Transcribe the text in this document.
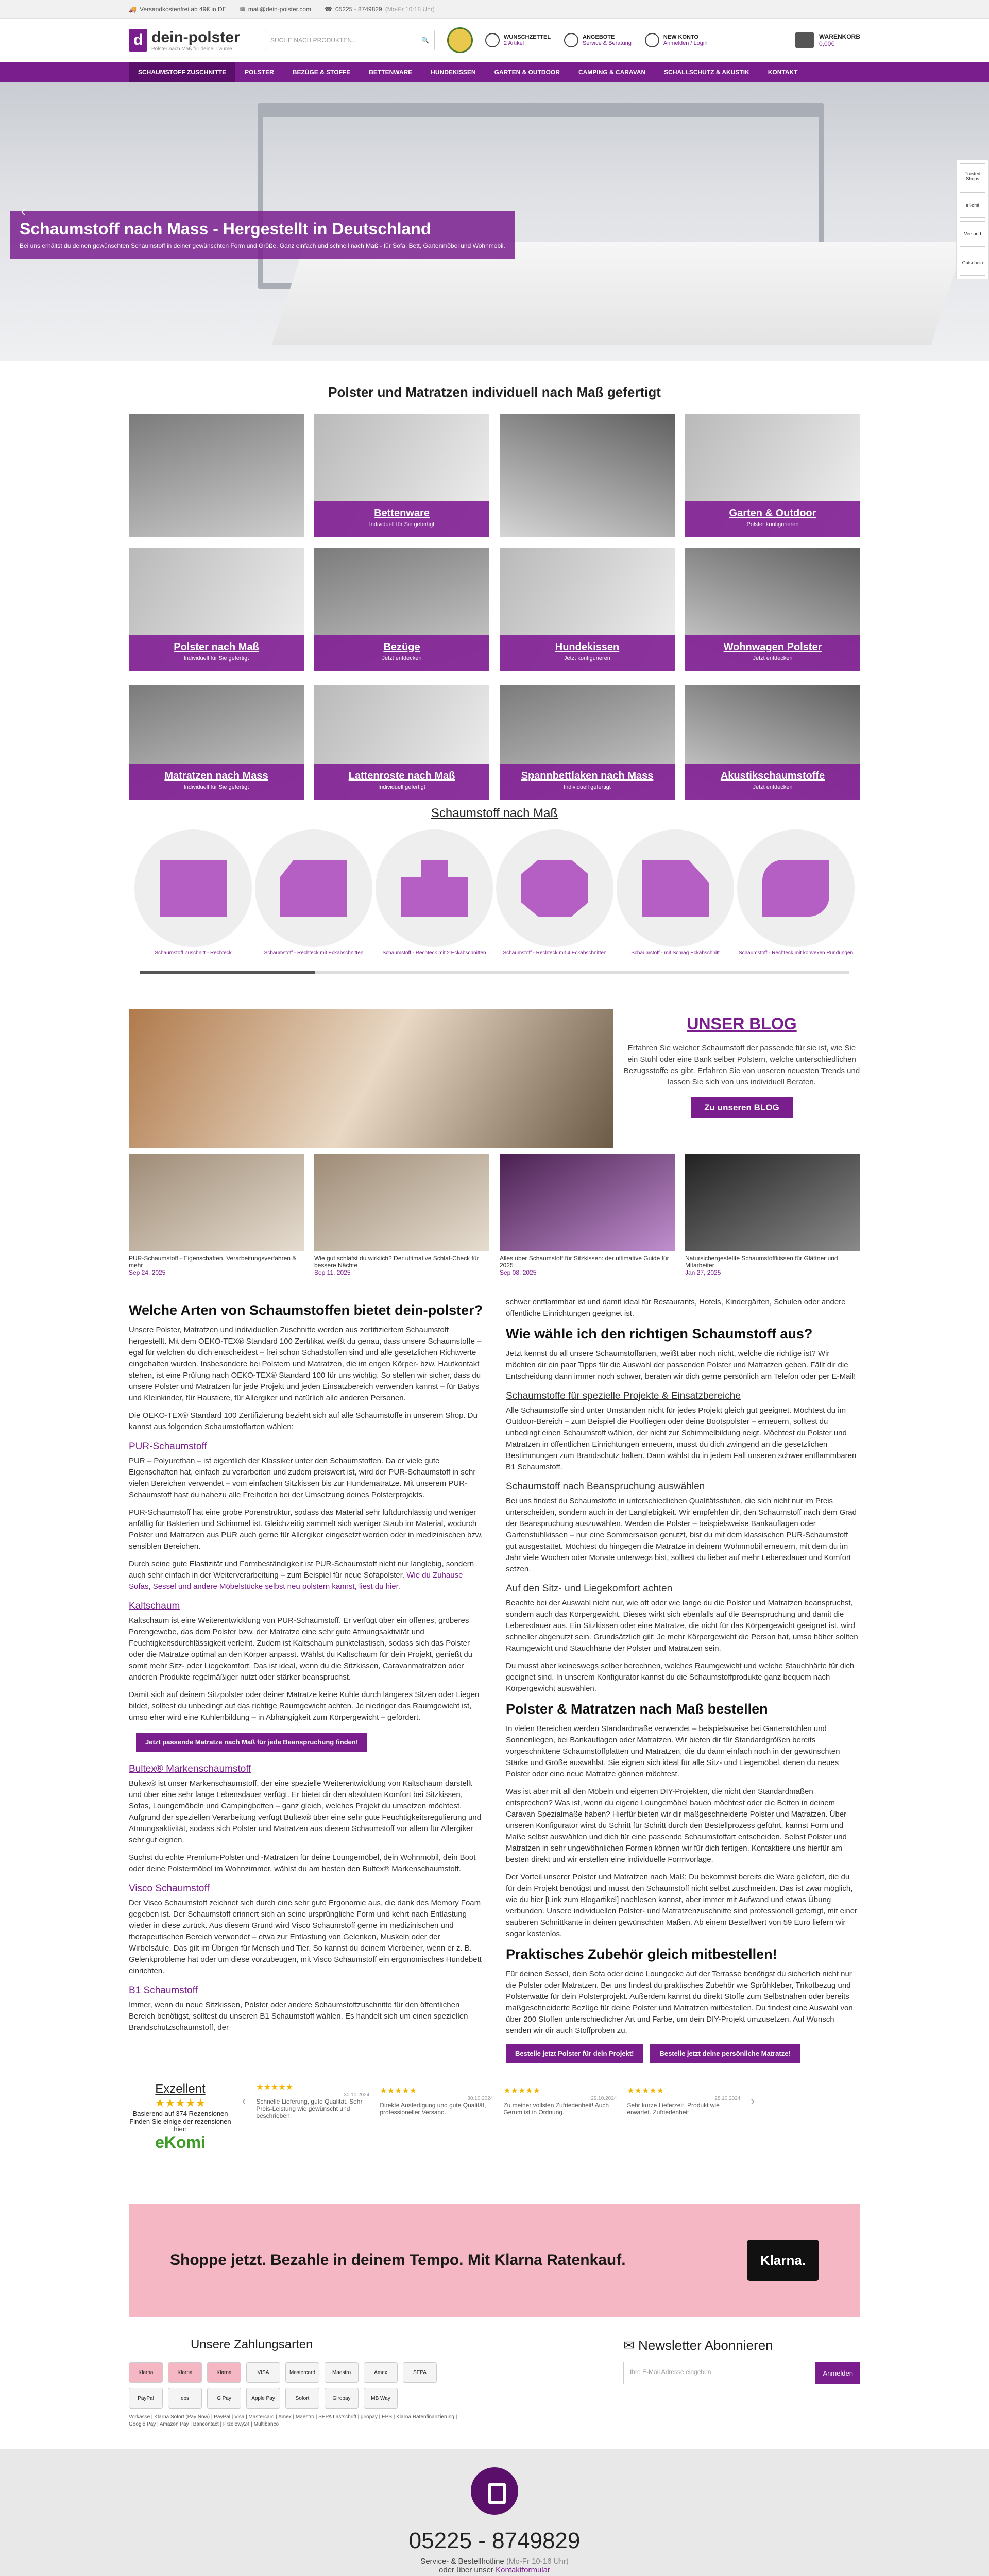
🚚 Versandkostenfrei ab 49€ in DE ✉ mail@dein-polster.com ☎ 05225 - 8749829 (Mo-Fr 10:18 Uhr)
d dein-polster
Polster nach Maß für deine Träume
SUCHE NACH PRODUKTEN...	🔍	WUNSCHZETTEL
2 Artikel
ANGEBOTE
Service & Beratung
NEW KONTO
Anmelden / Login
WARENKORB
0,00€
SCHAUMSTOFF ZUSCHNITTE	POLSTER	BEZÜGE & STOFFE	BETTENWARE	HUNDEKISSEN	GARTEN & OUTDOOR	CAMPING & CARAVAN	SCHALLSCHUTZ & AKUSTIK	KONTAKT
Schaumstoff nach Mass - Hergestellt in Deutschland

Bei uns erhältst du deinen gewünschten Schaumstoff in deiner gewünschten Form und Größe. Ganz einfach und schnell nach Maß - für Sofa, Bett, Gartenmöbel und Wohnmobil.

‹
Trusted Shops
eKomi
Versand
Gutschein
Polster und Matratzen individuell nach Maß gefertigt
Bettenware
Individuell für Sie gefertigt
Garten & Outdoor
Polster konfigurieren
Polster nach Maß
Individuell für Sie gefertigt
Bezüge
Jetzt entdecken
Hundekissen
Jetzt konfigurieren
Wohnwagen Polster
Jetzt entdecken
Matratzen nach Mass
Individuell für Sie gefertigt
Lattenroste nach Maß
Individuell gefertigt
Spannbettlaken nach Mass
Individuell gefertigt
Akustikschaumstoffe
Jetzt entdecken
Schaumstoff nach Maß
Schaumstoff Zuschnitt - Rechteck	Schaumstoff - Rechteck mit Eckabschnitten	Schaumstoff - Rechteck mit 2 Eckabschnitten	Schaumstoff - Rechteck mit 4 Eckabschnitten	Schaumstoff - mit Schräg Eckabschnitt	Schaumstoff - Rechteck mit konvexen Rundungen
UNSER BLOG

Erfahren Sie welcher Schaumstoff der passende für sie ist, wie Sie ein Stuhl oder eine Bank selber Polstern, welche unterschiedlichen Bezugsstoffe es gibt. Erfahren Sie von unseren neuesten Trends und lassen Sie sich von uns individuell Beraten.

Zu unseren BLOG
PUR-Schaumstoff - Eigenschaften, Verarbeitungsverfahren & mehr
Sep 24, 2025
Wie gut schläfst du wirklich? Der ultimative Schlaf-Check für bessere Nächte
Sep 11, 2025
Alles über Schaumstoff für Sitzkissen: der ultimative Guide für 2025
Sep 08, 2025
Natursichergestellte Schaumstoffkissen für Glättner und Mitarbeiter
Jan 27, 2025
Welche Arten von Schaumstoffen bietet dein-polster?

Unsere Polster, Matratzen und individuellen Zuschnitte werden aus zertifiziertem Schaumstoff hergestellt. Mit dem OEKO-TEX® Standard 100 Zertifikat weißt du genau, dass unsere Schaumstoffe – egal für welchen du dich entscheidest – frei schon Schadstoffen sind und alle gesetzlichen Richtwerte eingehalten wurden. Insbesondere bei Polstern und Matratzen, die im engen Körper- bzw. Hautkontakt stehen, ist eine Prüfung nach OEKO-TEX® Standard 100 für uns wichtig. So stellen wir sicher, dass du unsere Polster und Matratzen für jede Projekt und jeden Einsatzbereich verwenden kannst – für Babys und Kleinkinder, für Haustiere, für Allergiker und natürlich alle anderen Personen.

Die OEKO-TEX® Standard 100 Zertifizierung bezieht sich auf alle Schaumstoffe in unserem Shop. Du kannst aus folgenden Schaumstoffarten wählen:

PUR-Schaumstoff

PUR – Polyurethan – ist eigentlich der Klassiker unter den Schaumstoffen. Da er viele gute Eigenschaften hat, einfach zu verarbeiten und zudem preiswert ist, wird der PUR-Schaumstoff in sehr vielen Bereichen verwendet – vom einfachen Sitzkissen bis zur Hundematratze. Mit unserem PUR-Schaumstoff hast du nahezu alle Freiheiten bei der Umsetzung deines Polsterprojekts.

PUR-Schaumstoff hat eine grobe Porenstruktur, sodass das Material sehr luftdurchlässig und weniger anfällig für Bakterien und Schimmel ist. Gleichzeitig sammelt sich weniger Staub im Material, wodurch Polster und Matratzen aus PUR auch gerne für Allergiker eingesetzt werden oder in medizinischen bzw. sensiblen Bereichen.

Durch seine gute Elastizität und Formbeständigkeit ist PUR-Schaumstoff nicht nur langlebig, sondern auch sehr einfach in der Weiterverarbeitung – zum Beispiel für neue Sofapolster. Wie du Zuhause Sofas, Sessel und andere Möbelstücke selbst neu polstern kannst, liest du hier.

Kaltschaum

Kaltschaum ist eine Weiterentwicklung von PUR-Schaumstoff. Er verfügt über ein offenes, gröberes Porengewebe, das dem Polster bzw. der Matratze eine sehr gute Atmungsaktivität und Feuchtigkeitsdurchlässigkeit verleiht. Zudem ist Kaltschaum punktelastisch, sodass sich das Polster oder die Matratze optimal an den Körper anpasst. Wählst du Kaltschaum für dein Projekt, genießt du somit mehr Sitz- oder Liegekomfort. Das ist ideal, wenn du die Sitzkissen, Caravanmatratzen oder anderen Produkte regelmäßiger nutzt oder stärker beanspruchst.

Damit sich auf deinem Sitzpolster oder deiner Matratze keine Kuhle durch längeres Sitzen oder Liegen bildet, solltest du unbedingt auf das richtige Raumgewicht achten. Je niedriger das Raumgewicht ist, umso eher wird eine Kuhlenbildung – in Abhängigkeit zum Körpergewicht – gefördert.

Jetzt passende Matratze nach Maß für jede Beanspruchung finden!
Bultex® Markenschaumstoff

Bultex® ist unser Markenschaumstoff, der eine spezielle Weiterentwicklung von Kaltschaum darstellt und über eine sehr lange Lebensdauer verfügt. Er bietet dir den absoluten Komfort bei Sitzkissen, Sofas, Loungemöbeln und Campingbetten – ganz gleich, welches Projekt du umsetzen möchtest. Aufgrund der speziellen Verarbeitung verfügt Bultex® über eine sehr gute Feuchtigkeitsregulierung und Atmungsaktivität, sodass sich Polster und Matratzen aus diesem Schaumstoff vor allem für Allergiker sehr gut eignen.

Suchst du echte Premium-Polster und -Matratzen für deine Loungemöbel, dein Wohnmobil, dein Boot oder deine Polstermöbel im Wohnzimmer, wählst du am besten den Bultex® Markenschaumstoff.

Visco Schaumstoff

Der Visco Schaumstoff zeichnet sich durch eine sehr gute Ergonomie aus, die dank des Memory Foam gegeben ist. Der Schaumstoff erinnert sich an seine ursprüngliche Form und kehrt nach Entlastung wieder in diese zurück. Aus diesem Grund wird Visco Schaumstoff gerne im medizinischen und therapeutischen Bereich verwendet – etwa zur Entlastung von Gelenken, Muskeln oder der Wirbelsäule. Das gilt im Übrigen für Mensch und Tier. So kannst du deinem Vierbeiner, wenn er z. B. Gelenkprobleme hat oder um diese vorzubeugen, mit Visco Schaumstoff ein ergonomisches Hundebett einrichten.

B1 Schaumstoff

Immer, wenn du neue Sitzkissen, Polster oder andere Schaumstoffzuschnitte für den öffentlichen Bereich benötigst, solltest du unseren B1 Schaumstoff wählen. Es handelt sich um einen speziellen Brandschutzschaumstoff, der

schwer entflammbar ist und damit ideal für Restaurants, Hotels, Kindergärten, Schulen oder andere öffentliche Einrichtungen geeignet ist.

Wie wähle ich den richtigen Schaumstoff aus?

Jetzt kennst du all unsere Schaumstoffarten, weißt aber noch nicht, welche die richtige ist? Wir möchten dir ein paar Tipps für die Auswahl der passenden Polster und Matratzen geben. Fällt dir die Entscheidung dann immer noch schwer, beraten wir dich gerne persönlich am Telefon oder per E-Mail!

Schaumstoffe für spezielle Projekte & Einsatzbereiche

Alle Schaumstoffe sind unter Umständen nicht für jedes Projekt gleich gut geeignet. Möchtest du im Outdoor-Bereich – zum Beispiel die Poolliegen oder deine Bootspolster – erneuern, solltest du unbedingt einen Schaumstoff wählen, der nicht zur Schimmelbildung neigt. Möchtest du Polster und Matratzen in öffentlichen Einrichtungen erneuern, musst du dich zwingend an die gesetzlichen Bestimmungen zum Brandschutz halten. Dann wählst du in jedem Fall unseren schwer entflammbaren B1 Schaumstoff.

Schaumstoff nach Beanspruchung auswählen

Bei uns findest du Schaumstoffe in unterschiedlichen Qualitätsstufen, die sich nicht nur im Preis unterscheiden, sondern auch in der Langlebigkeit. Wir empfehlen dir, den Schaumstoff nach dem Grad der Beanspruchung auszuwählen. Werden die Polster – beispielsweise Bankauflagen oder Gartenstuhlkissen – nur eine Sommersaison genutzt, bist du mit dem klassischen PUR-Schaumstoff gut ausgestattet. Möchtest du hingegen die Matratze in deinem Wohnmobil erneuern, mit dem du im Jahr viele Wochen oder Monate unterwegs bist, solltest du lieber auf mehr Lebensdauer und Komfort setzen.

Auf den Sitz- und Liegekomfort achten

Beachte bei der Auswahl nicht nur, wie oft oder wie lange du die Polster und Matratzen beanspruchst, sondern auch das Körpergewicht. Dieses wirkt sich ebenfalls auf die Beanspruchung und damit die Lebensdauer aus. Ein Sitzkissen oder eine Matratze, die nicht für das Körpergewicht geeignet ist, wird schneller abgenutzt sein. Grundsätzlich gilt: Je mehr Körpergewicht die Person hat, umso höher sollten Raumgewicht und Stauchhärte der Polster und Matratzen sein.

Du musst aber keineswegs selber berechnen, welches Raumgewicht und welche Stauchhärte für dich geeignet sind. In unserem Konfigurator kannst du die Schaumstoffprodukte ganz bequem nach Körpergewicht auswählen.

Polster & Matratzen nach Maß bestellen

In vielen Bereichen werden Standardmaße verwendet – beispielsweise bei Gartenstühlen und Sonnenliegen, bei Bankauflagen oder Matratzen. Wir bieten dir für Standardgrößen bereits vorgeschnittene Schaumstoffplatten und Matratzen, die du dann einfach noch in der gewünschten Stärke und Größe auswählst. Sie eignen sich ideal für alle Sitz- und Liegemöbel, denen du neues Polster oder eine neue Matratze gönnen möchtest.

Was ist aber mit all den Möbeln und eigenen DIY-Projekten, die nicht den Standardmaßen entsprechen? Was ist, wenn du eigene Loungemöbel bauen möchtest oder die Betten in deinem Caravan Spezialmaße haben? Hierfür bieten wir dir maßgeschneiderte Polster und Matratzen. Über unseren Konfigurator wirst du Schritt für Schritt durch den Bestellprozess geführt, kannst Form und Maße selbst auswählen und dich für eine passende Schaumstoffart entscheiden. Selbst Polster und Matratzen in sehr ungewöhnlichen Formen können wir für dich fertigen. Kontaktiere uns hierfür am besten direkt und wir erstellen eine individuelle Formvorlage.

Der Vorteil unserer Polster und Matratzen nach Maß: Du bekommst bereits die Ware geliefert, die du für dein Projekt benötigst und musst den Schaumstoff nicht selbst zuschneiden. Das ist zwar möglich, wie du hier [Link zum Blogartikel] nachlesen kannst, aber immer mit Aufwand und etwas Übung verbunden. Unsere individuellen Polster- und Matratzenzuschnitte sind professionell gefertigt, mit einer sauberen Schnittkante in deinen gewünschten Maßen. Ab einem Bestellwert von 59 Euro liefern wir sogar kostenlos.

Praktisches Zubehör gleich mitbestellen!

Für deinen Sessel, dein Sofa oder deine Loungecke auf der Terrasse benötigst du sicherlich nicht nur die Polster oder Matratzen. Bei uns findest du praktisches Zubehör wie Sprühkleber, Trikotbezug und Polsterwatte für dein Polsterprojekt. Außerdem kannst du direkt Stoffe zum Selbstnähen oder bereits maßgeschneiderte Bezüge für deine Polster und Matratzen mitbestellen. Du findest eine Auswahl von über 200 Stoffen unterschiedlicher Art und Farbe, um dein DIY-Projekt umzusetzen. Auf Wunsch senden wir dir auch Stoffproben zu.

Bestelle jetzt Polster für dein Projekt!	Bestelle jetzt deine persönliche Matratze!
Exzellent
★★★★★
Basierend auf 374 Rezensionen
Finden Sie einige der rezensionen hier:
eKomi
‹
★★★★★
30.10.2024
Schnelle Lieferung, gute Qualität. Sehr Preis-Leistung wie gewünscht und beschrieben
★★★★★
30.10.2024
Direkte Ausfertigung und gute Qualität, professioneller Versand.
★★★★★
29.10.2024
Zu meiner vollsten Zufriedenheit! Auch Gerum ist in Ordnung.
★★★★★
28.10.2024
Sehr kurze Lieferzeit. Produkt wie erwartet. Zufriedenheit
›
Shoppe jetzt. Bezahle in deinem Tempo. Mit Klarna Ratenkauf.	Klarna.
Unsere Zahlungsarten
Klarna	Klarna	Klarna	VISA	Mastercard	Maestro	Amex	SEPA
PayPal	eps	G Pay	Apple Pay	Sofort	Giropay	MB Way
Vorkasse | Klarna Sofort (Pay Now) | PayPal | Visa | Mastercard | Amex | Maestro | SEPA Lastschrift | giropay | EPS | Klarna Ratenfinanzierung | Google Pay | Amazon Pay | Bancontact | Przelewy24 | Multibanco
✉ Newsletter Abonnieren
Ihre E-Mail Adresse eingeben	Anmelden
05225 - 8749829
Service- & Bestellhotline (Mo-Fr 10-16 Uhr)
oder über unser Kontaktformular
